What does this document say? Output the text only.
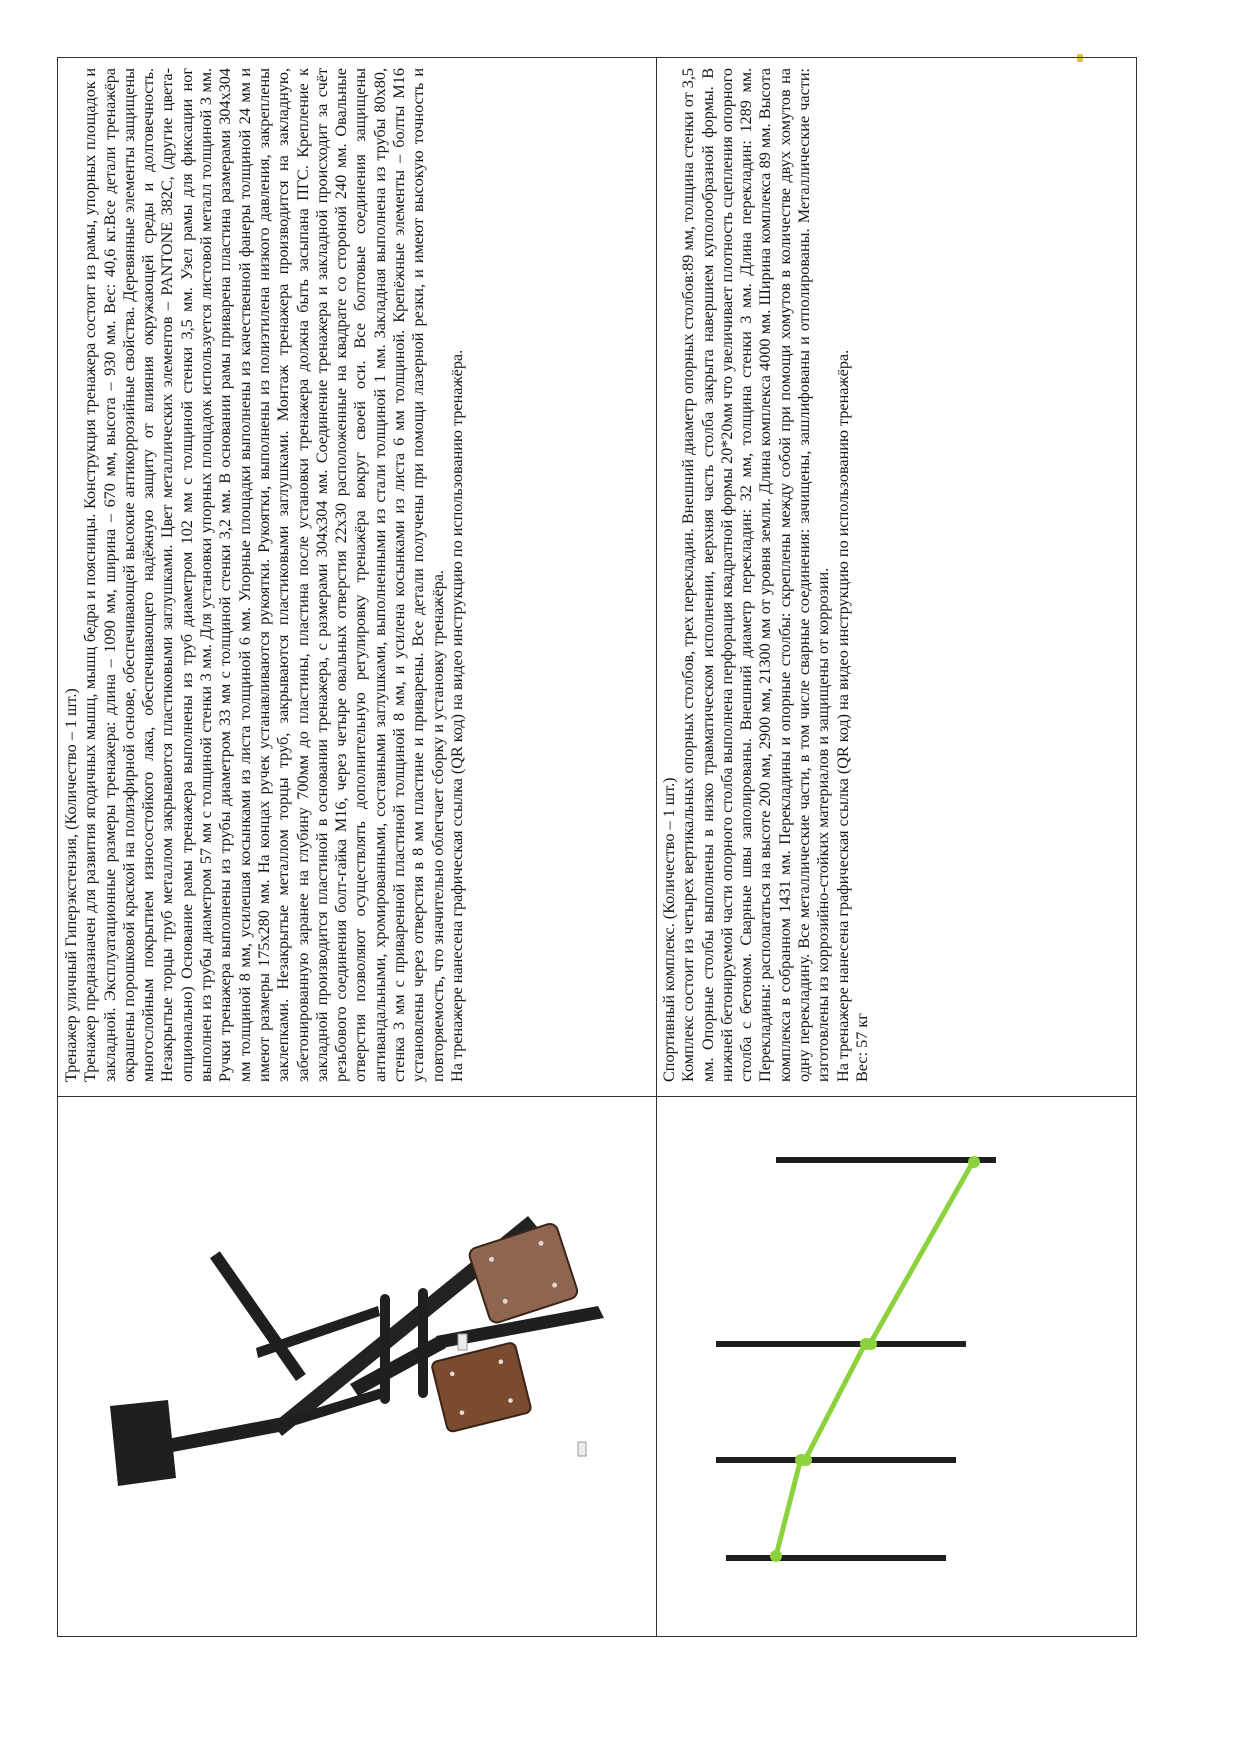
Тренажер уличный Гиперэкстензия, (Количество – 1 шт.) Тренажер предназначен для развития ягодичных мышц, мышц бедра и поясницы. Конструкция тренажера состоит из рамы, упорных площадок и закладной. Эксплуатационные размеры тренажера: длина – 1090 мм, ширина – 670 мм, высота – 930 мм. Вес: 40,6 кг.Все детали тренажёра окрашены порошковой краской на полиэфирной основе, обеспечивающей высокие антикоррозийные свойства. Деревянные элементы защищены многослойным покрытием износостойкого лака, обеспечивающего надёжную защиту от влияния окружающей среды и долговечность. Незакрытые торцы труб металлом закрываются пластиковыми заглушками. Цвет металлических элементов – PANTONE 382C, (другие цвета-опционально) Основание рамы тренажера выполнены из труб диаметром 102 мм с толщиной стенки 3,5 мм. Узел рамы для фиксации ног выполнен из трубы диаметром 57 мм с толщиной стенки 3 мм. Для установки упорных площадок используется листовой металл толщиной 3 мм. Ручки тренажера выполнены из трубы диаметром 33 мм с толщиной стенки 3,2 мм. В основании рамы приварена пластина размерами 304x304 мм толщиной 8 мм, усилешая косынками из листа толщиной 6 мм. Упорные площадки выполнены из качественной фанеры толщиной 24 мм и имеют размеры 175x280 мм. На концах ручек устанавливаются рукоятки. Рукоятки, выполнены из полиэтилена низкого давления, закреплены заклепками. Незакрытые металлом торцы труб, закрываются пластиковыми заглушками. Монтаж тренажера производится на закладную, забетонированную заранее на глубину 700мм до пластины, пластина после установки тренажера должна быть засыпана ПГС. Крепление к закладной производится пластиной в основании тренажера, с размерами 304x304 мм. Соединение тренажера и закладной происходит за счёт резьбового соединения болт-гайка М16, через четыре овальных отверстия 22x30 расположенные на квадрате со стороной 240 мм. Овальные отверстия позволяют осуществлять дополнительную регулировку тренажёра вокруг своей оси. Все болтовые соединения защищены антивандальными, хромированными, составными заглушками, выполненными из стали толщиной 1 мм. Закладная выполнена из трубы 80x80, стенка 3 мм с приваренной пластиной толщиной 8 мм, и усилена косынками из листа 6 мм толщиной. Крепёжные элементы – болты М16 установлены через отверстия в 8 мм пластине и приварены. Все детали получены при помощи лазерной резки, и имеют высокую точность и повторяемость, что значительно облегчает сборку и установку тренажёра. На тренажере нанесена графическая ссылка (QR код) на видео инструкцию по использованию тренажёра.	Спортивный комплекс. (Количество – 1 шт.) Комплекс состоит из четырех вертикальных опорных столбов, трех перекладин. Внешний диаметр опорных столбов:89 мм, толщина стенки от 3,5 мм. Опорные столбы выполнены в низко травматическом исполнении, верхняя часть столба закрыта навершием куполообразной формы. В нижней бетонируемой части опорного столба выполнена перфорация квадратной формы 20*20мм что увеличивает плотность сцепления опорного столба с бетоном. Сварные швы заполированы. Внешний диаметр перекладин: 32 мм, толщина стенки 3 мм. Длина перекладин: 1289 мм. Перекладины: располагаться на высоте 200 мм, 2900 мм, 21300 мм от уровня земли. Длина комплекса 4000 мм. Ширина комплекса 89 мм. Высота комплекса в собранном 1431 мм. Перекладины и опорные столбы: скреплены между собой при помощи хомутов в количестве двух хомутов на одну перекладину. Все металлические части, в том числе сварные соединения: зачищены, зашлифованы и отполированы. Металлические части: изготовлены из коррозийно-стойких материалов и защищены от коррозии. На тренажере нанесена графическая ссылка (QR код) на видео инструкцию по использованию тренажёра. Вес: 57 кг
